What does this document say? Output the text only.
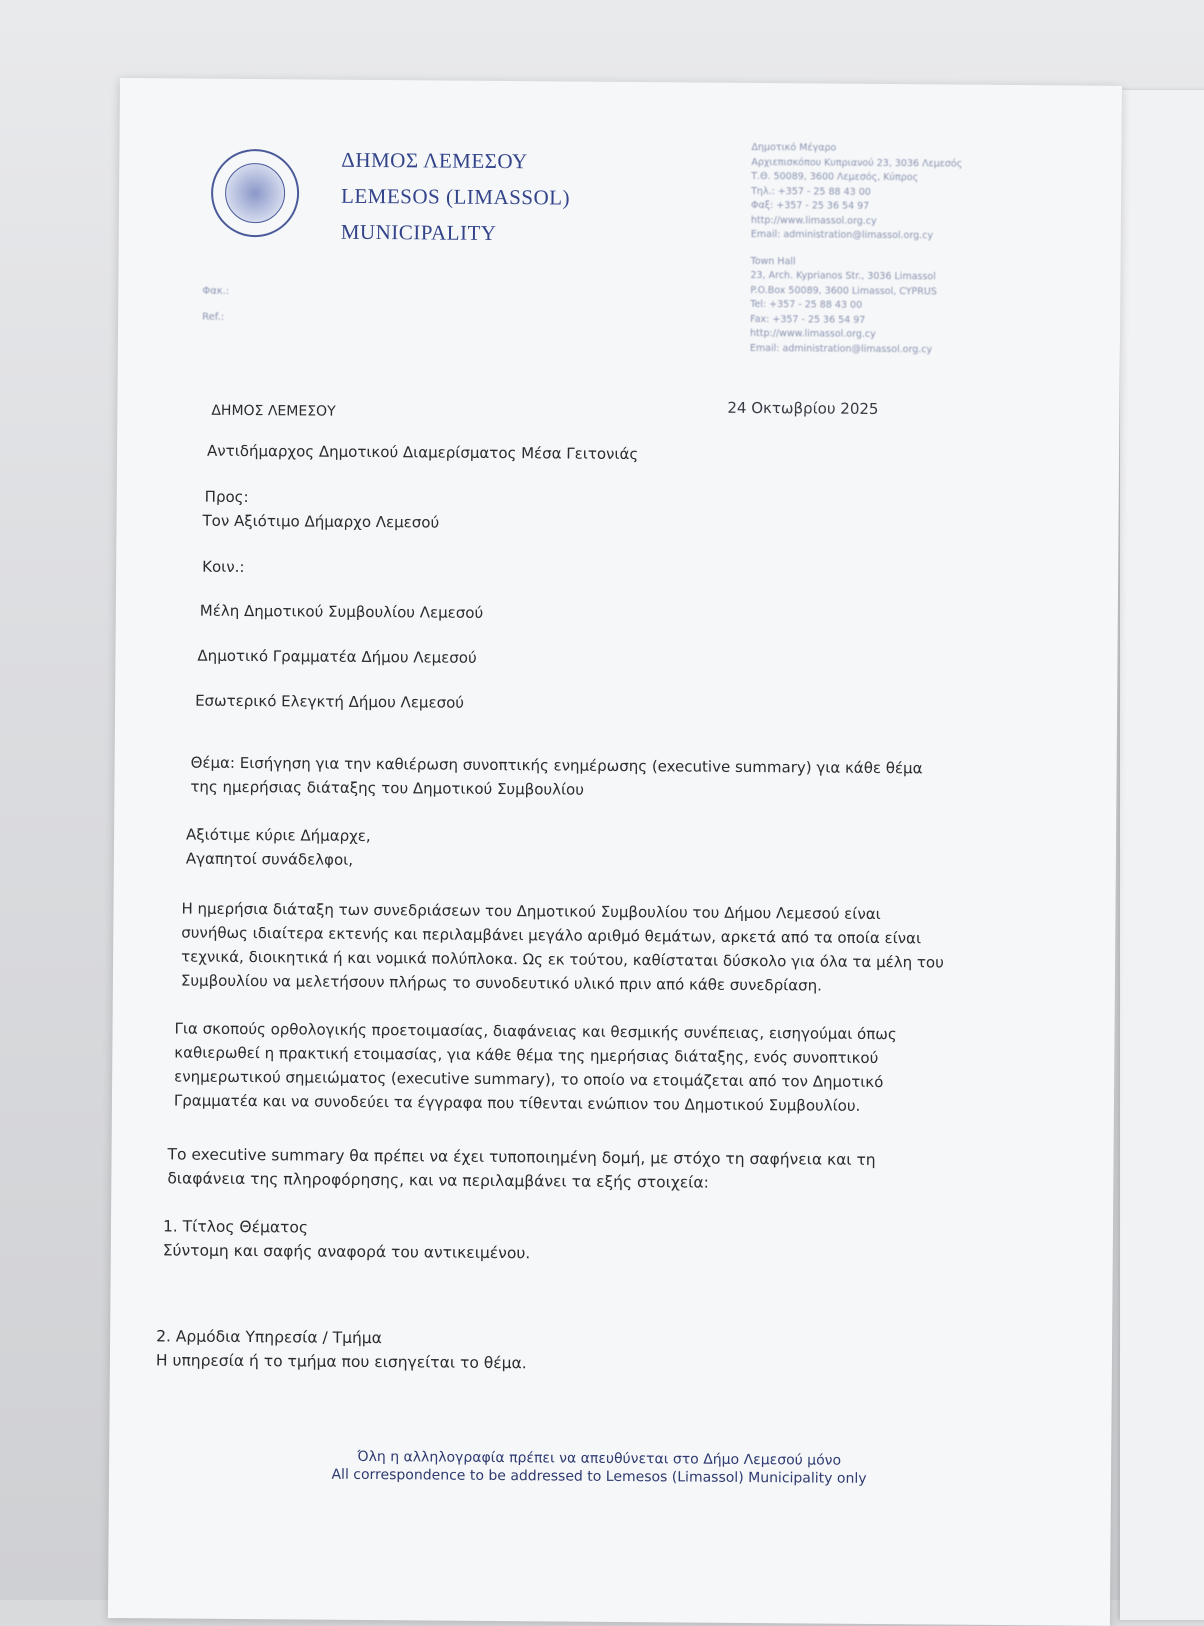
ΔΗΜΟΣ ΛΕΜΕΣΟΥ
LEMESOS (LIMASSOL)
MUNICIPALITY
Δημοτικό Μέγαρο
Αρχιεπισκόπου Κυπριανού 23, 3036 Λεμεσός
Τ.Θ. 50089, 3600 Λεμεσός, Κύπρος
Τηλ.: +357 - 25 88 43 00
Φαξ: +357 - 25 36 54 97
http://www.limassol.org.cy
Email: administration@limassol.org.cy
Town Hall
23, Arch. Kyprianos Str., 3036 Limassol
P.O.Box 50089, 3600 Limassol, CYPRUS
Tel: +357 - 25 88 43 00
Fax: +357 - 25 36 54 97
http://www.limassol.org.cy
Email: administration@limassol.org.cy
Φακ.:
Ref.:
ΔΗΜΟΣ ΛΕΜΕΣΟΥ	24 Οκτωβρίου 2025
Αντιδήμαρχος Δημοτικού Διαμερίσματος Μέσα Γειτονιάς
Προς:
Τον Αξιότιμο Δήμαρχο Λεμεσού
Κοιν.:
Μέλη Δημοτικού Συμβουλίου Λεμεσού
Δημοτικό Γραμματέα Δήμου Λεμεσού
Εσωτερικό Ελεγκτή Δήμου Λεμεσού
Θέμα: Εισήγηση για την καθιέρωση συνοπτικής ενημέρωσης (executive summary) για κάθε θέμα
της ημερήσιας διάταξης του Δημοτικού Συμβουλίου
Αξιότιμε κύριε Δήμαρχε,
Αγαπητοί συνάδελφοι,
Η ημερήσια διάταξη των συνεδριάσεων του Δημοτικού Συμβουλίου του Δήμου Λεμεσού είναι
συνήθως ιδιαίτερα εκτενής και περιλαμβάνει μεγάλο αριθμό θεμάτων, αρκετά από τα οποία είναι
τεχνικά, διοικητικά ή και νομικά πολύπλοκα. Ως εκ τούτου, καθίσταται δύσκολο για όλα τα μέλη του
Συμβουλίου να μελετήσουν πλήρως το συνοδευτικό υλικό πριν από κάθε συνεδρίαση.
Για σκοπούς ορθολογικής προετοιμασίας, διαφάνειας και θεσμικής συνέπειας, εισηγούμαι όπως
καθιερωθεί η πρακτική ετοιμασίας, για κάθε θέμα της ημερήσιας διάταξης, ενός συνοπτικού
ενημερωτικού σημειώματος (executive summary), το οποίο να ετοιμάζεται από τον Δημοτικό
Γραμματέα και να συνοδεύει τα έγγραφα που τίθενται ενώπιον του Δημοτικού Συμβουλίου.
Το executive summary θα πρέπει να έχει τυποποιημένη δομή, με στόχο τη σαφήνεια και τη
διαφάνεια της πληροφόρησης, και να περιλαμβάνει τα εξής στοιχεία:
1. Τίτλος Θέματος
Σύντομη και σαφής αναφορά του αντικειμένου.
2. Αρμόδια Υπηρεσία / Τμήμα
Η υπηρεσία ή το τμήμα που εισηγείται το θέμα.
Όλη η αλληλογραφία πρέπει να απευθύνεται στο Δήμο Λεμεσού μόνο
All correspondence to be addressed to Lemesos (Limassol) Municipality only
